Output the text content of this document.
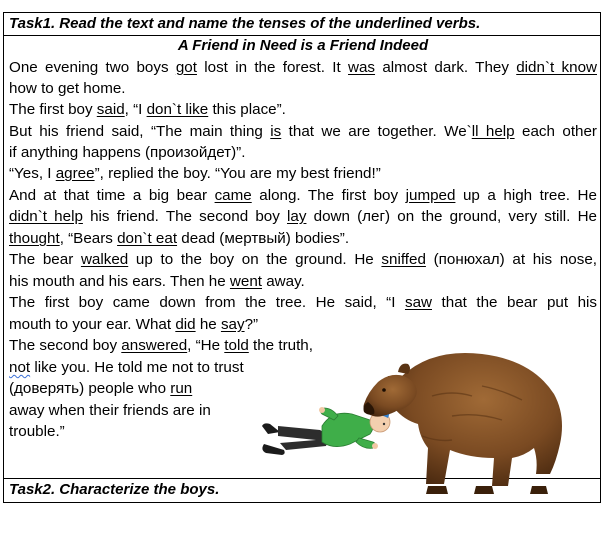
Task1. Read the text and name the tenses of the underlined verbs.
A Friend in Need is a Friend Indeed
One evening two boys got lost in the forest. It was almost dark. They didn`t know
how to get home.
The first boy said, “I don`t like this place”.
But his friend said, “The main thing is that we are together. We`ll help each other
if anything happens (произойдет)”.
“Yes, I agree”, replied the boy. “You are my best friend!”
And at that time a big bear came along. The first boy jumped up a high tree. He
didn`t help his friend. The second boy lay down (лег) on the ground, very still. He
thought, “Bears don`t eat dead (мертвый) bodies”.
The bear walked up to the boy on the ground. He sniffed (понюхал) at his nose,
his mouth and his ears. Then he went away.
The first boy came down from the tree. He said, “I saw that the bear put his
mouth to your ear. What did he say?”
The second boy answered, “He told the truth,
not like you. He told me not to trust
(доверять) people who run
away when their friends are in
trouble.”
Task2. Characterize the boys.
